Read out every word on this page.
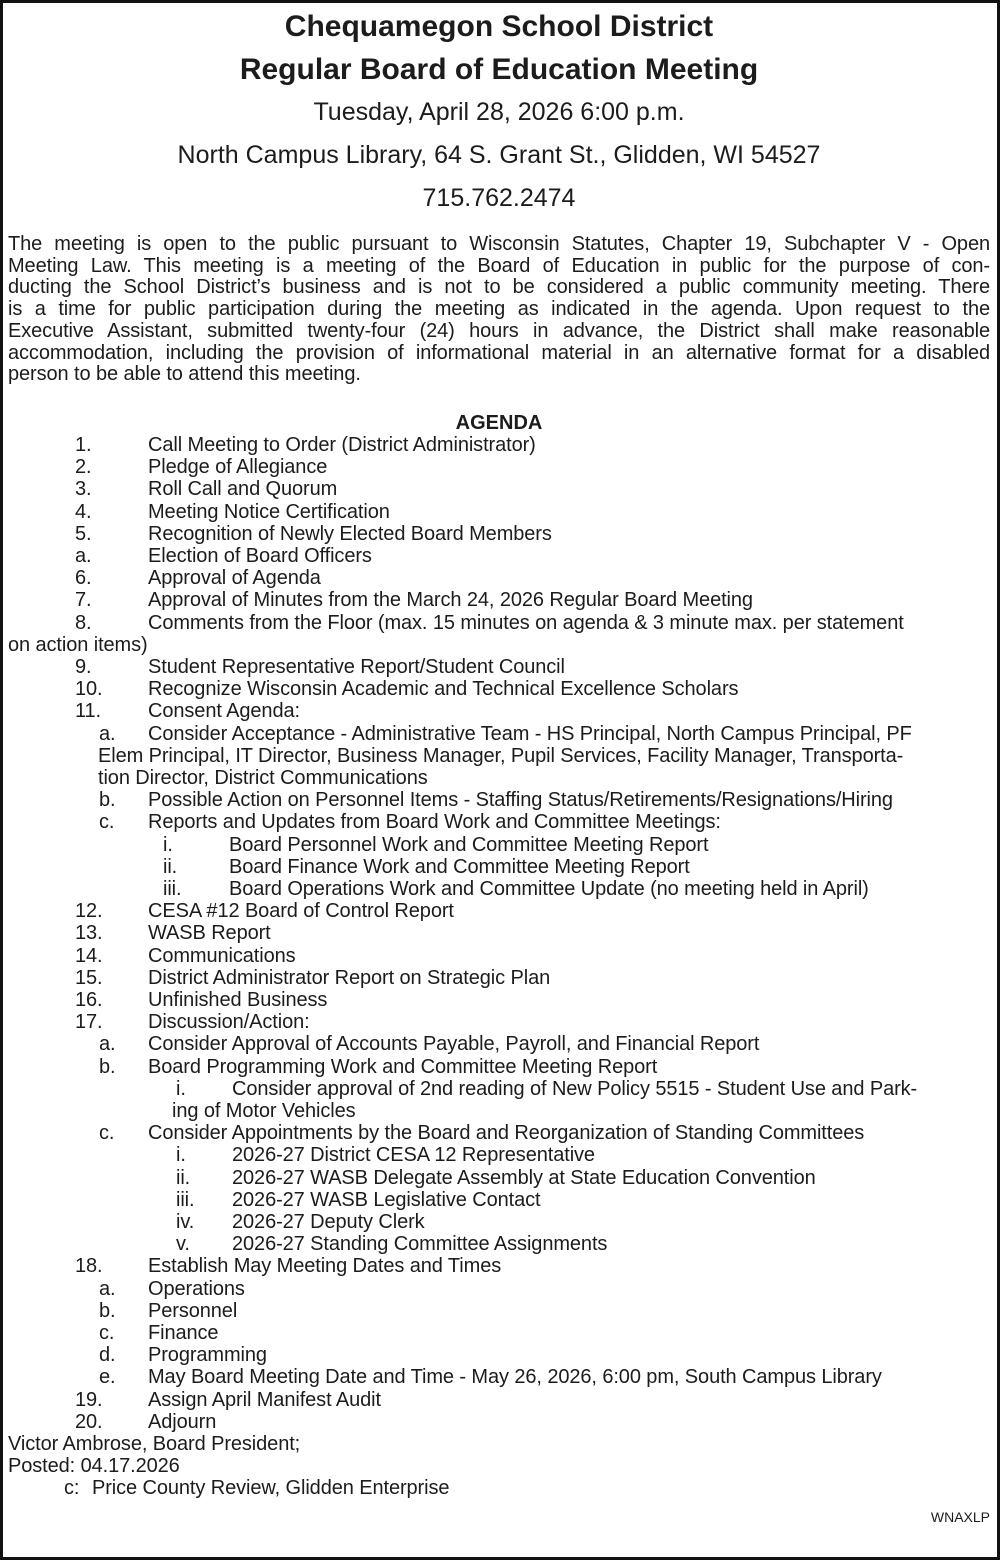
Chequamegon School District
Regular Board of Education Meeting
Tuesday, April 28, 2026 6:00 p.m.
North Campus Library, 64 S. Grant St., Glidden, WI 54527
715.762.2474
The meeting is open to the public pursuant to Wisconsin Statutes, Chapter 19, Subchapter V - Open
Meeting Law. This meeting is a meeting of the Board of Education in public for the purpose of con-
ducting the School District’s business and is not to be considered a public community meeting. There
is a time for public participation during the meeting as indicated in the agenda. Upon request to the
Executive Assistant, submitted twenty-four (24) hours in advance, the District shall make reasonable
accommodation, including the provision of informational material in an alternative format for a disabled
person to be able to attend this meeting.
AGENDA
1.	Call Meeting to Order (District Administrator)
2.	Pledge of Allegiance
3.	Roll Call and Quorum
4.	Meeting Notice Certification
5.	Recognition of Newly Elected Board Members
a.	Election of Board Officers
6.	Approval of Agenda
7.	Approval of Minutes from the March 24, 2026 Regular Board Meeting
8.	Comments from the Floor (max. 15 minutes on agenda & 3 minute max. per statement
on action items)
9.	Student Representative Report/Student Council
10. Recognize Wisconsin Academic and Technical Excellence Scholars
11. Consent Agenda:
a. Consider Acceptance - Administrative Team - HS Principal, North Campus Principal, PF
Elem Principal, IT Director, Business Manager, Pupil Services, Facility Manager, Transporta-
tion Director, District Communications
b. Possible Action on Personnel Items - Staffing Status/Retirements/Resignations/Hiring
c. Reports and Updates from Board Work and Committee Meetings:
i.	Board Personnel Work and Committee Meeting Report
ii.	Board Finance Work and Committee Meeting Report
iii. Board Operations Work and Committee Update (no meeting held in April)
12. CESA #12 Board of Control Report
13. WASB Report
14. Communications
15. District Administrator Report on Strategic Plan
16. Unfinished Business
17. Discussion/Action:
a. Consider Approval of Accounts Payable, Payroll, and Financial Report
b. Board Programming Work and Committee Meeting Report
i. Consider approval of 2nd reading of New Policy 5515 - Student Use and Park-
ing of Motor Vehicles
c. Consider Appointments by the Board and Reorganization of Standing Committees
i. 2026-27 District CESA 12 Representative
ii. 2026-27 WASB Delegate Assembly at State Education Convention
iii. 2026-27 WASB Legislative Contact
iv. 2026-27 Deputy Clerk
v. 2026-27 Standing Committee Assignments
18. Establish May Meeting Dates and Times
a. Operations
b. Personnel
c. Finance
d. Programming
e. May Board Meeting Date and Time - May 26, 2026, 6:00 pm, South Campus Library
19. Assign April Manifest Audit
20. Adjourn
Victor Ambrose, Board President;
Posted: 04.17.2026
c: Price County Review, Glidden Enterprise
WNAXLP
